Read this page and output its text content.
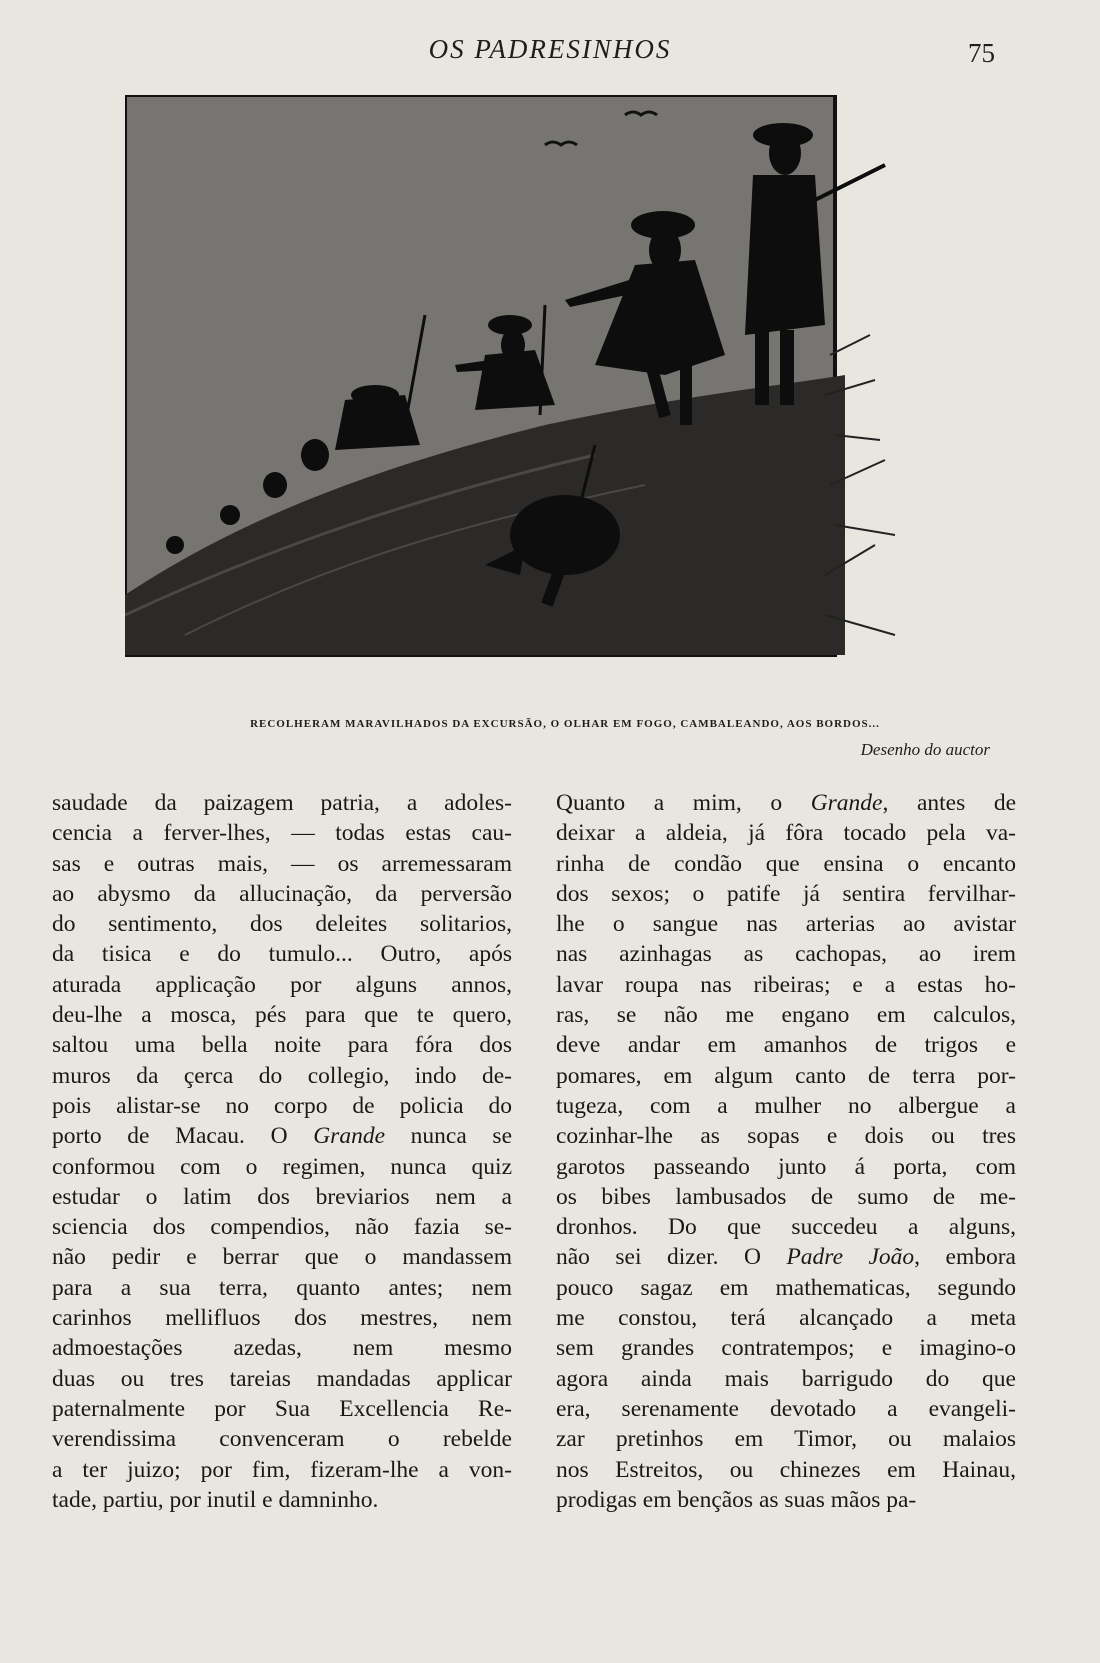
OS PADRESINHOS	75
RECOLHERAM MARAVILHADOS DA EXCURSÃO, O OLHAR EM FOGO, CAMBALEANDO, AOS BORDOS...
Desenho do auctor
saudade da paizagem patria, a adoles-
cencia a ferver-lhes, — todas estas cau-
sas e outras mais, — os arremessaram
ao abysmo da allucinação, da perversão
do sentimento, dos deleites solitarios,
da tisica e do tumulo... Outro, após
aturada applicação por alguns annos,
deu-lhe a mosca, pés para que te quero,
saltou uma bella noite para fóra dos
muros da çerca do collegio, indo de-
pois alistar-se no corpo de policia do
porto de Macau. O Grande nunca se
conformou com o regimen, nunca quiz
estudar o latim dos breviarios nem a
sciencia dos compendios, não fazia se-
não pedir e berrar que o mandassem
para a sua terra, quanto antes; nem
carinhos mellifluos dos mestres, nem
admoestações azedas, nem mesmo
duas ou tres tareias mandadas applicar
paternalmente por Sua Excellencia Re-
verendissima convenceram o rebelde
a ter juizo; por fim, fizeram-lhe a von-
tade, partiu, por inutil e damninho.
Quanto a mim, o Grande, antes de
deixar a aldeia, já fôra tocado pela va-
rinha de condão que ensina o encanto
dos sexos; o patife já sentira fervilhar-
lhe o sangue nas arterias ao avistar
nas azinhagas as cachopas, ao irem
lavar roupa nas ribeiras; e a estas ho-
ras, se não me engano em calculos,
deve andar em amanhos de trigos e
pomares, em algum canto de terra por-
tugeza, com a mulher no albergue a
cozinhar-lhe as sopas e dois ou tres
garotos passeando junto á porta, com
os bibes lambusados de sumo de me-
dronhos. Do que succedeu a alguns,
não sei dizer. O Padre João, embora
pouco sagaz em mathematicas, segundo
me constou, terá alcançado a meta
sem grandes contratempos; e imagino-o
agora ainda mais barrigudo do que
era, serenamente devotado a evangeli-
zar pretinhos em Timor, ou malaios
nos Estreitos, ou chinezes em Hainau,
prodigas em bençãos as suas mãos pa-
